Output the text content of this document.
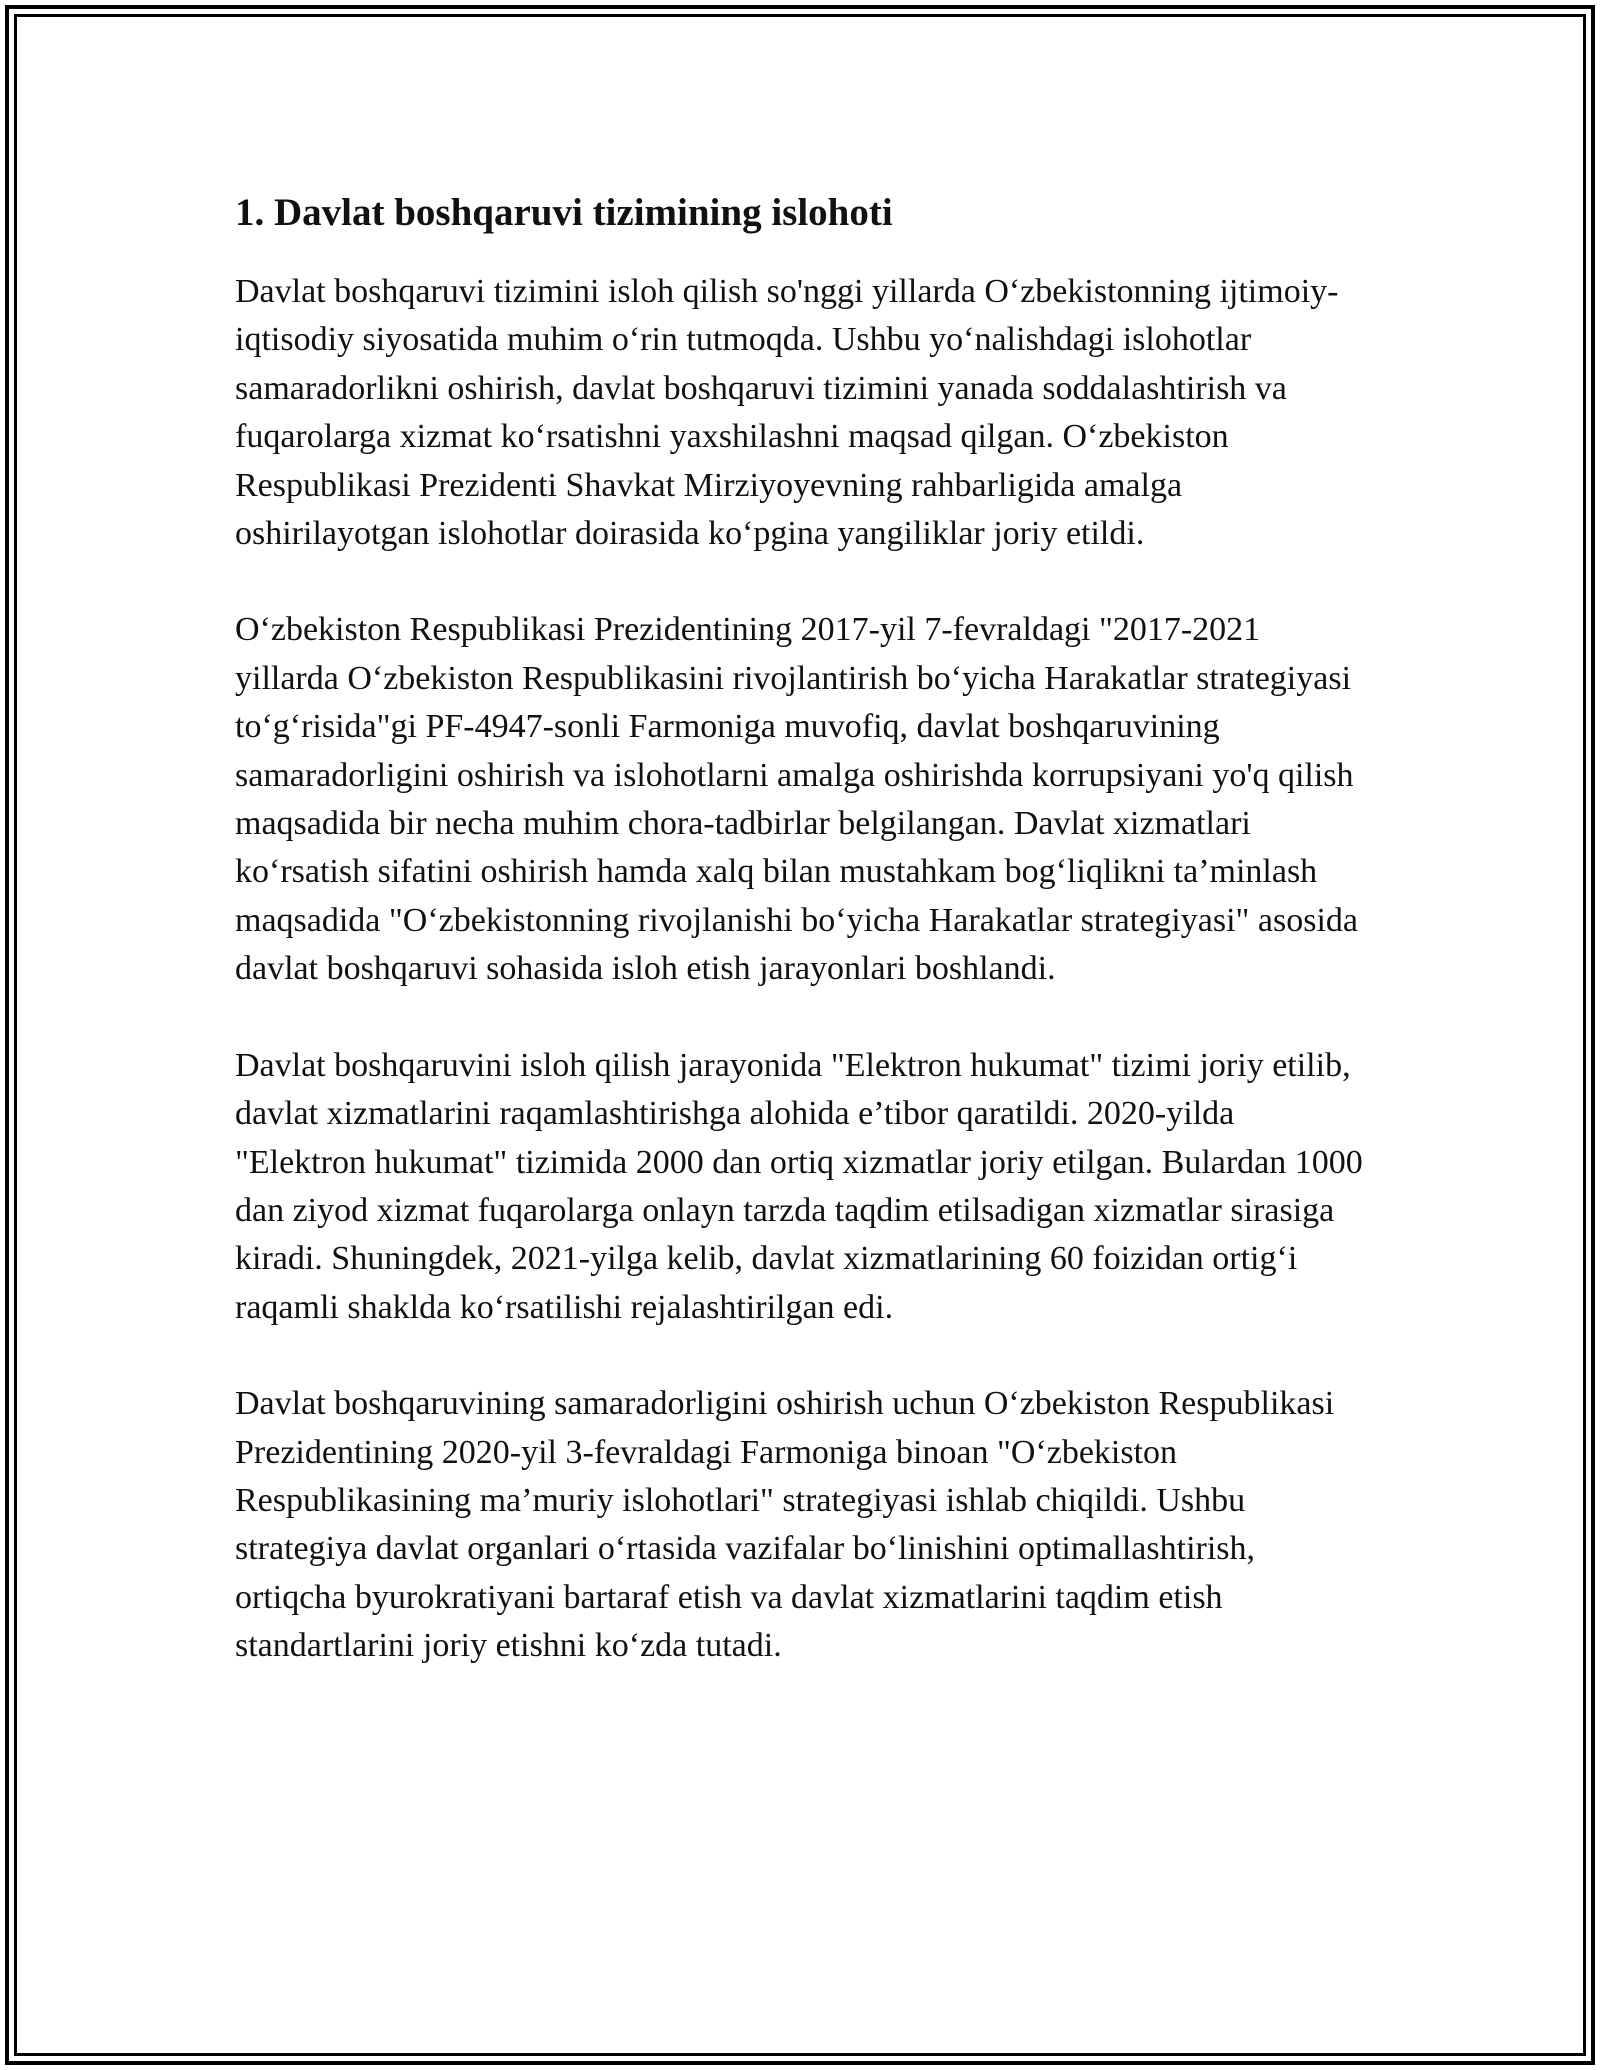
1. Davlat boshqaruvi tizimining islohoti

Davlat boshqaruvi tizimini isloh qilish so'nggi yillarda O‘zbekistonning ijtimoiy-iqtisodiy siyosatida muhim o‘rin tutmoqda. Ushbu yo‘nalishdagi islohotlar samaradorlikni oshirish, davlat boshqaruvi tizimini yanada soddalashtirish va fuqarolarga xizmat ko‘rsatishni yaxshilashni maqsad qilgan. O‘zbekiston Respublikasi Prezidenti Shavkat Mirziyoyevning rahbarligida amalga oshirilayotgan islohotlar doirasida ko‘pgina yangiliklar joriy etildi.

O‘zbekiston Respublikasi Prezidentining 2017-yil 7-fevraldagi "2017-2021 yillarda O‘zbekiston Respublikasini rivojlantirish bo‘yicha Harakatlar strategiyasi to‘g‘risida"gi PF-4947-sonli Farmoniga muvofiq, davlat boshqaruvining samaradorligini oshirish va islohotlarni amalga oshirishda korrupsiyani yo'q qilish maqsadida bir necha muhim chora-tadbirlar belgilangan. Davlat xizmatlari ko‘rsatish sifatini oshirish hamda xalq bilan mustahkam bog‘liqlikni ta’minlash maqsadida "O‘zbekistonning rivojlanishi bo‘yicha Harakatlar strategiyasi" asosida davlat boshqaruvi sohasida isloh etish jarayonlari boshlandi.

Davlat boshqaruvini isloh qilish jarayonida "Elektron hukumat" tizimi joriy etilib, davlat xizmatlarini raqamlashtirishga alohida e’tibor qaratildi. 2020-yilda "Elektron hukumat" tizimida 2000 dan ortiq xizmatlar joriy etilgan. Bulardan 1000 dan ziyod xizmat fuqarolarga onlayn tarzda taqdim etilsadigan xizmatlar sirasiga kiradi. Shuningdek, 2021-yilga kelib, davlat xizmatlarining 60 foizidan ortig‘i raqamli shaklda ko‘rsatilishi rejalashtirilgan edi.

Davlat boshqaruvining samaradorligini oshirish uchun O‘zbekiston Respublikasi Prezidentining 2020-yil 3-fevraldagi Farmoniga binoan "O‘zbekiston Respublikasining ma’muriy islohotlari" strategiyasi ishlab chiqildi. Ushbu strategiya davlat organlari o‘rtasida vazifalar bo‘linishini optimallashtirish, ortiqcha byurokratiyani bartaraf etish va davlat xizmatlarini taqdim etish standartlarini joriy etishni ko‘zda tutadi.
